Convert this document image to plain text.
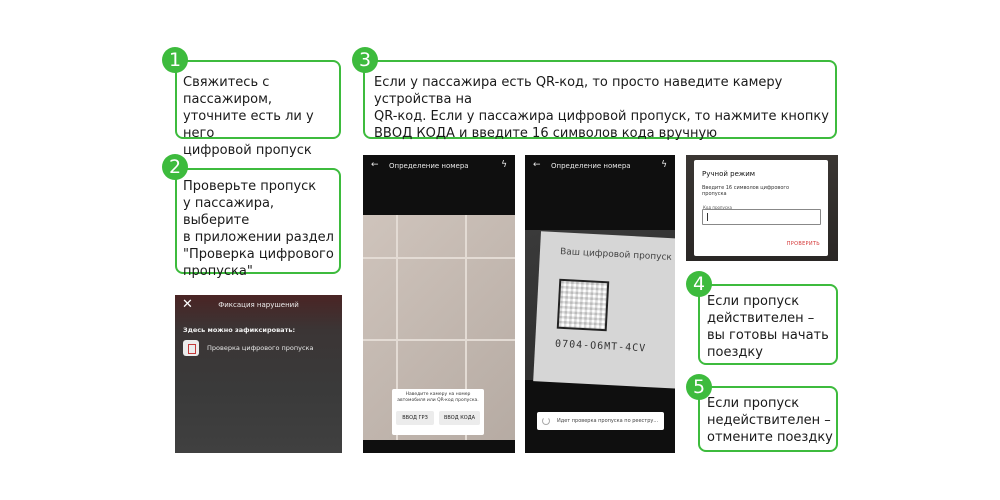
Свяжитесь с пассажиром,
уточните есть ли у него
цифровой пропуск
1
Если у пассажира есть QR-код, то просто наведите камеру устройства на
QR-код. Если у пассажира цифровой пропуск, то нажмите кнопку
ВВОД КОДА и введите 16 символов кода вручную
3
Проверьте пропуск
у пассажира, выберите
в приложении раздел
"Проверка цифрового
пропуска"
2
Если пропуск
действителен –
вы готовы начать
поездку
4
Если пропуск
недействителен –
отмените поездку
5
✕	Фиксация нарушений
Здесь можно зафиксировать:
Проверка цифрового пропуска
← Определение номера	ϟ
Наведите камеру на номер автомобиля или QR-код пропуска.
ВВОД ГРЗ	ВВОД КОДА
← Определение номера	ϟ
Ваш цифровой пропуск
0704-O6MT-4CV
Идет проверка пропуска по реестру...
Ручной режим
Введите 16 символов цифрового пропуска
Код пропуска
ПРОВЕРИТЬ
